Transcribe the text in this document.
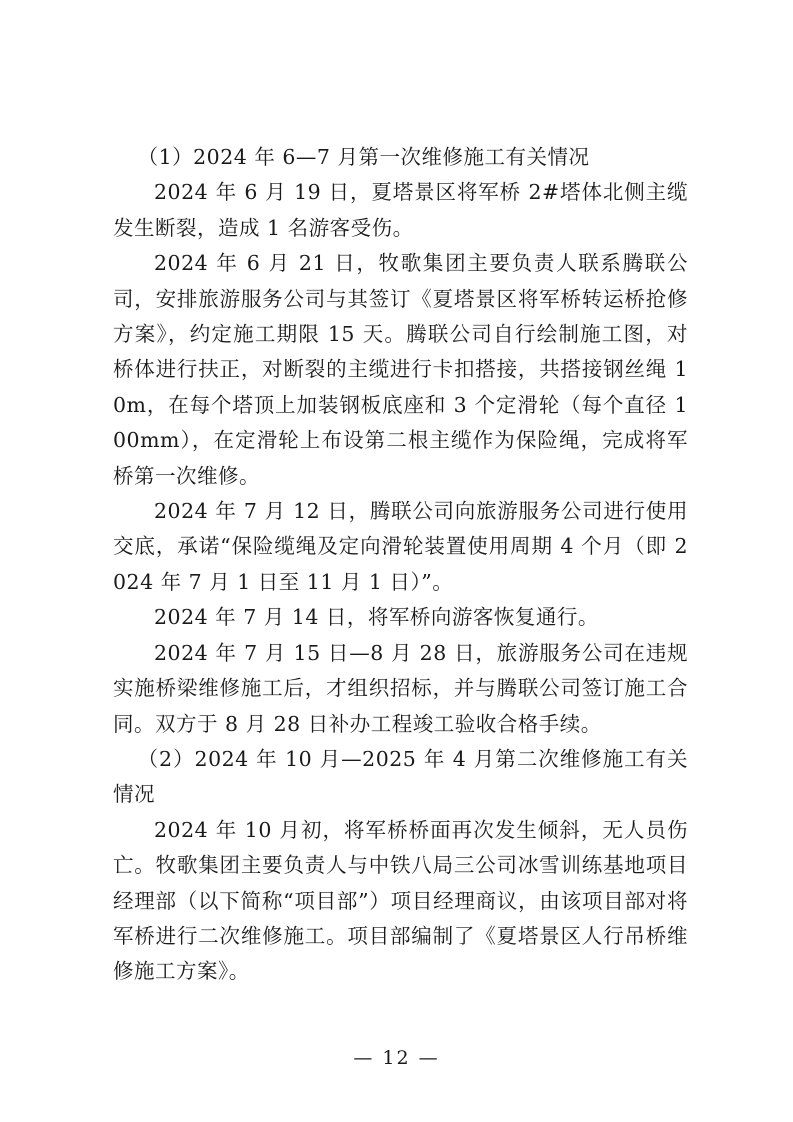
（1）2024 年 6—7 月第一次维修施工有关情况

2024 年 6 月 19 日，夏塔景区将军桥 2#塔体北侧主缆发生断裂，造成 1 名游客受伤。

2024 年 6 月 21 日，牧歌集团主要负责人联系腾联公司，安排旅游服务公司与其签订《夏塔景区将军桥转运桥抢修方案》，约定施工期限 15 天。腾联公司自行绘制施工图，对桥体进行扶正，对断裂的主缆进行卡扣搭接，共搭接钢丝绳 10m，在每个塔顶上加装钢板底座和 3 个定滑轮（每个直径 100mm），在定滑轮上布设第二根主缆作为保险绳，完成将军桥第一次维修。

2024 年 7 月 12 日，腾联公司向旅游服务公司进行使用交底，承诺“保险缆绳及定向滑轮装置使用周期 4 个月（即 2024 年 7 月 1 日至 11 月 1 日）”。

2024 年 7 月 14 日，将军桥向游客恢复通行。

2024 年 7 月 15 日—8 月 28 日，旅游服务公司在违规实施桥梁维修施工后，才组织招标，并与腾联公司签订施工合同。双方于 8 月 28 日补办工程竣工验收合格手续。

（2）2024 年 10 月—2025 年 4 月第二次维修施工有关情况

2024 年 10 月初，将军桥桥面再次发生倾斜，无人员伤亡。牧歌集团主要负责人与中铁八局三公司冰雪训练基地项目经理部（以下简称“项目部”）项目经理商议，由该项目部对将军桥进行二次维修施工。项目部编制了《夏塔景区人行吊桥维修施工方案》。

— 12 —
